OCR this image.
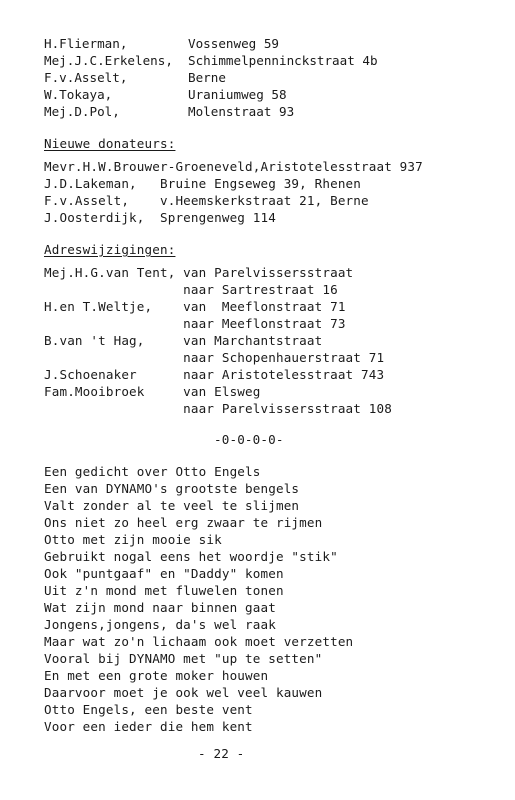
H.Flierman,	Vossenweg 59
Mej.J.C.Erkelens, Schimmelpenninckstraat 4b
F.v.Asselt,	Berne
W.Tokaya,	Uraniumweg 58
Mej.D.Pol,	Molenstraat 93
Nieuwe donateurs:
Mevr.H.W.Brouwer-Groeneveld,Aristotelesstraat 937
J.D.Lakeman,   Bruine Engseweg 39, Rhenen
F.v.Asselt,    v.Heemskerkstraat 21, Berne
J.Oosterdijk,  Sprengenweg 114
Adreswijzigingen:
Mej.H.G.van Tent, van Parelvissersstraat
naar Sartrestraat 16
H.en T.Weltje,    van  Meeflonstraat 71
naar Meeflonstraat 73
B.van 't Hag,     van Marchantstraat
naar Schopenhauerstraat 71
J.Schoenaker      naar Aristotelesstraat 743
Fam.Mooibroek     van Elsweg
naar Parelvissersstraat 108
-0-0-0-0-
Een gedicht over Otto Engels
Een van DYNAMO's grootste bengels
Valt zonder al te veel te slijmen
Ons niet zo heel erg zwaar te rijmen
Otto met zijn mooie sik
Gebruikt nogal eens het woordje "stik"
Ook "puntgaaf" en "Daddy" komen
Uit z'n mond met fluwelen tonen
Wat zijn mond naar binnen gaat
Jongens,jongens, da's wel raak
Maar wat zo'n lichaam ook moet verzetten
Vooral bij DYNAMO met "up te setten"
En met een grote moker houwen
Daarvoor moet je ook wel veel kauwen
Otto Engels, een beste vent
Voor een ieder die hem kent
- 22 -
